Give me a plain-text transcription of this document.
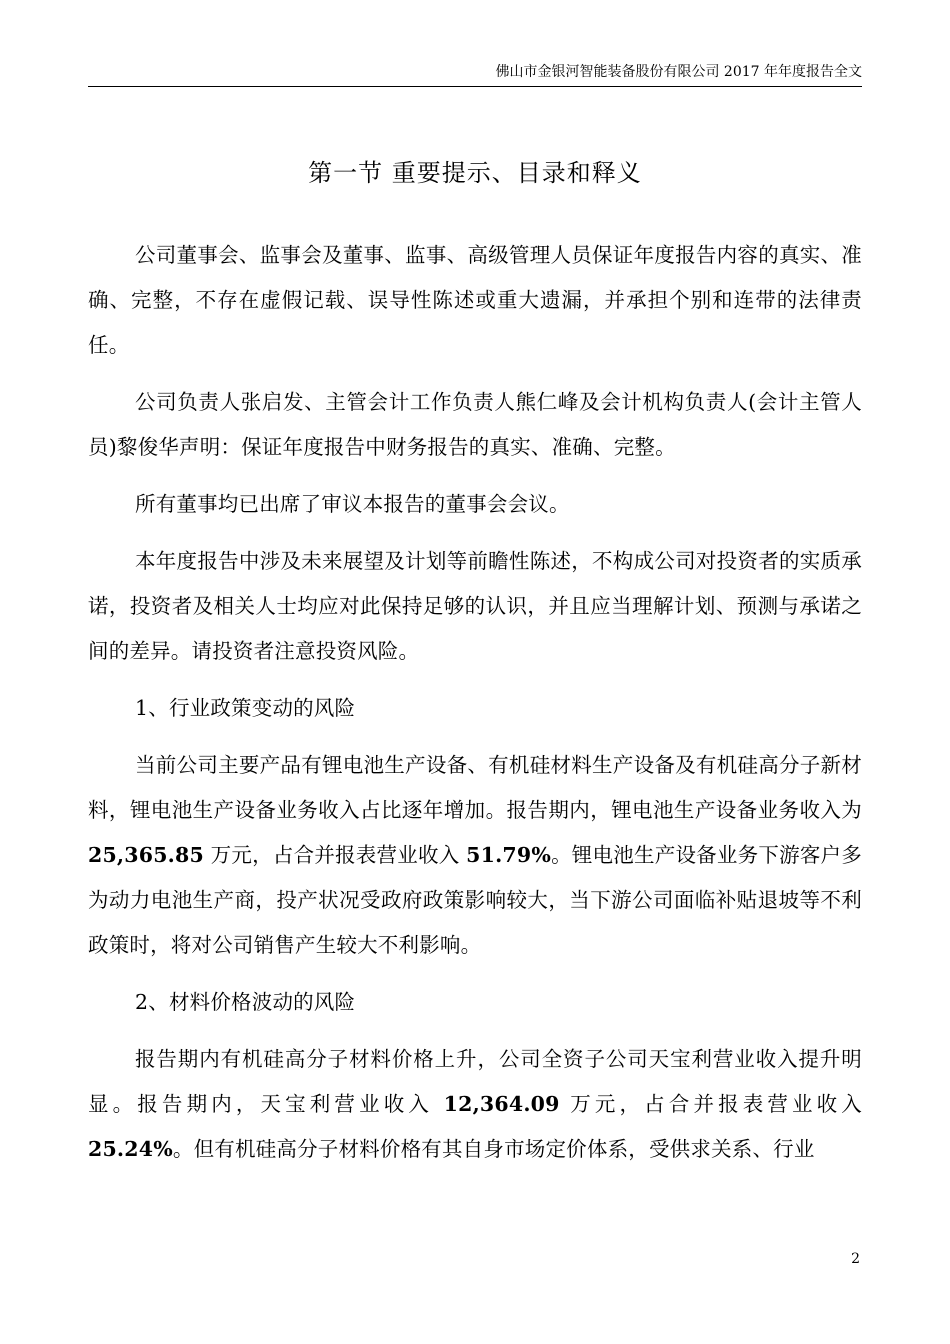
佛山市金银河智能装备股份有限公司 2017 年年度报告全文
第一节 重要提示、目录和释义

公司董事会、监事会及董事、监事、高级管理人员保证年度报告内容的真实、准确、完整，不存在虚假记载、误导性陈述或重大遗漏，并承担个别和连带的法律责任。

公司负责人张启发、主管会计工作负责人熊仁峰及会计机构负责人(会计主管人员)黎俊华声明：保证年度报告中财务报告的真实、准确、完整。

所有董事均已出席了审议本报告的董事会会议。

本年度报告中涉及未来展望及计划等前瞻性陈述，不构成公司对投资者的实质承诺，投资者及相关人士均应对此保持足够的认识，并且应当理解计划、预测与承诺之间的差异。请投资者注意投资风险。

1、行业政策变动的风险

当前公司主要产品有锂电池生产设备、有机硅材料生产设备及有机硅高分子新材料，锂电池生产设备业务收入占比逐年增加。报告期内，锂电池生产设备业务收入为 25,365.85 万元，占合并报表营业收入 51.79%。锂电池生产设备业务下游客户多为动力电池生产商，投产状况受政府政策影响较大，当下游公司面临补贴退坡等不利政策时，将对公司销售产生较大不利影响。

2、材料价格波动的风险

报告期内有机硅高分子材料价格上升，公司全资子公司天宝利营业收入提升明显。报告期内，天宝利营业收入 12,364.09 万元，占合并报表营业收入 25.24%。但有机硅高分子材料价格有其自身市场定价体系，受供求关系、行业

2
